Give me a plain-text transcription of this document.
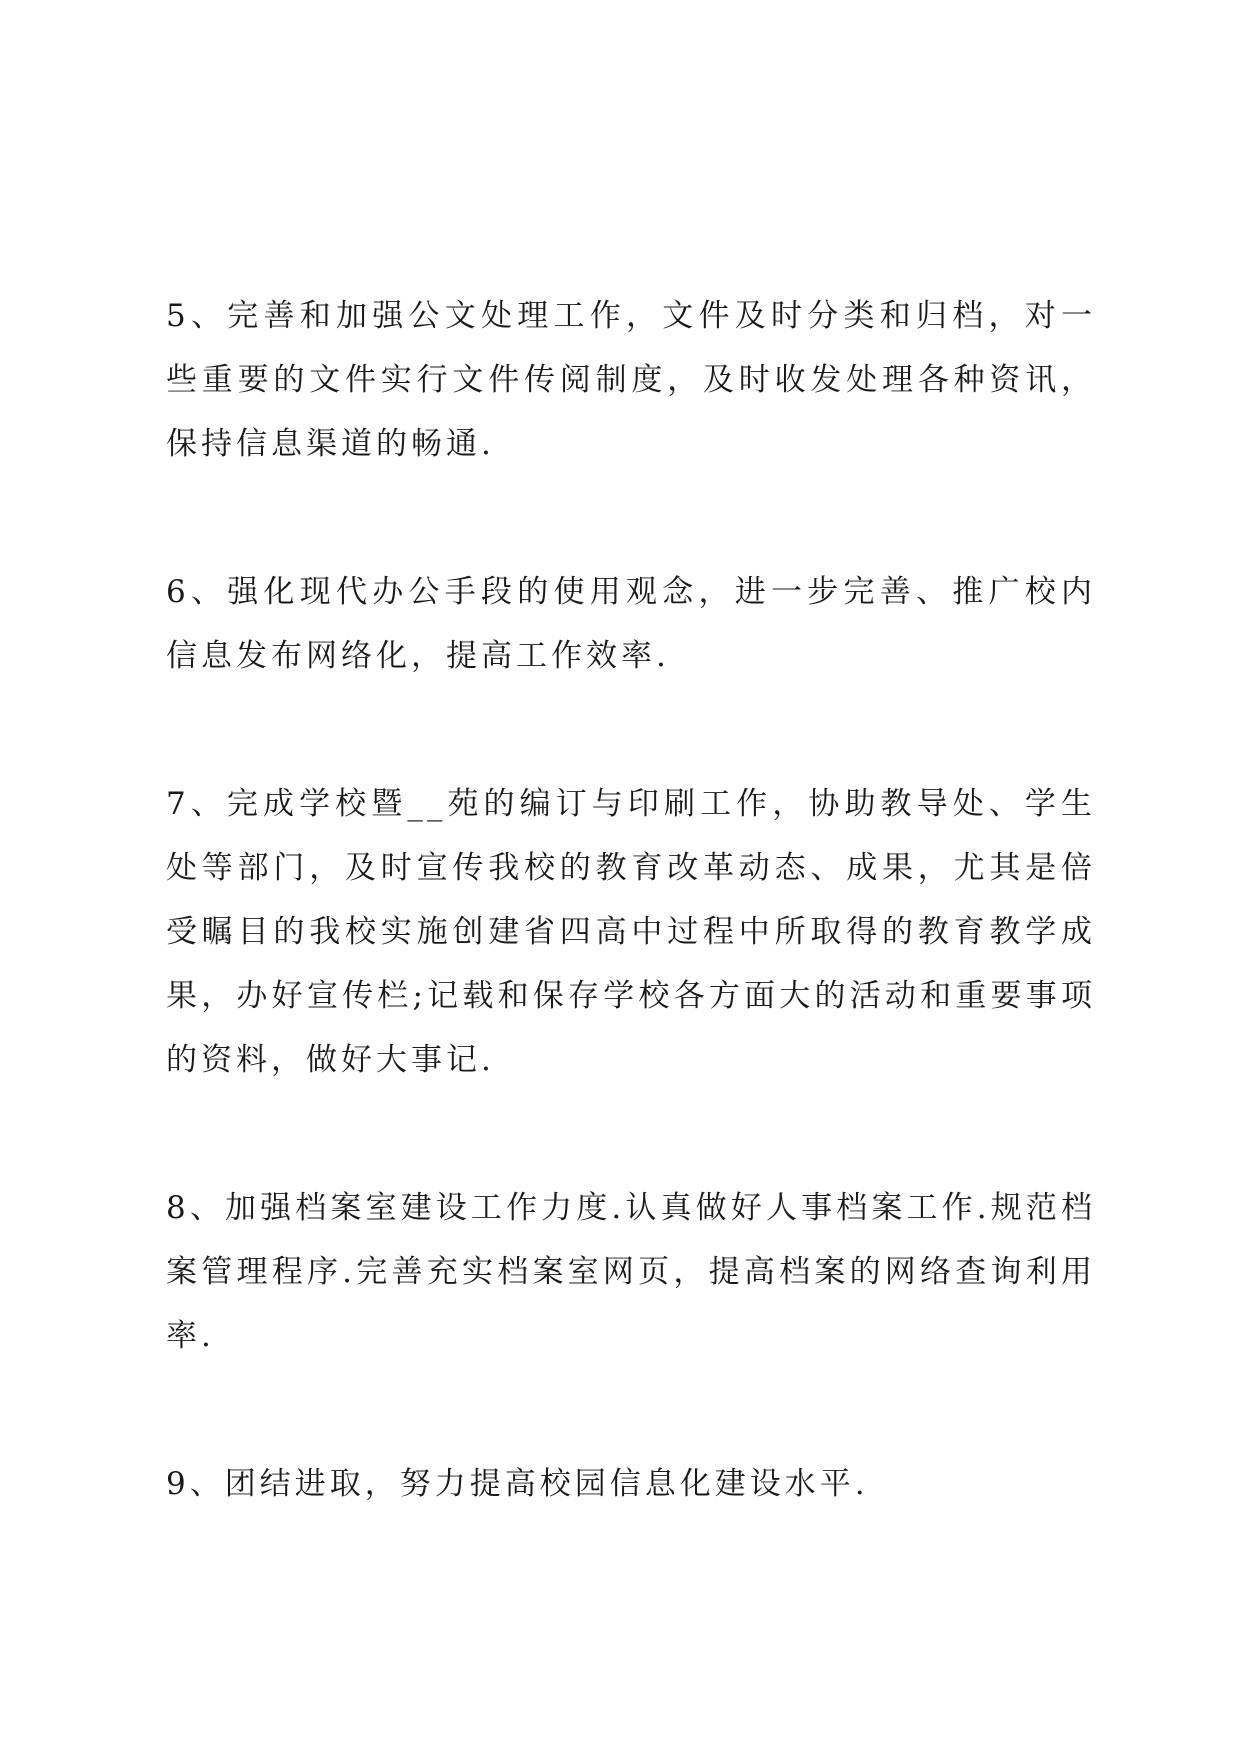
5、完善和加强公文处理工作，文件及时分类和归档，对一些重要的文件实行文件传阅制度，及时收发处理各种资讯，保持信息渠道的畅通.

6、强化现代办公手段的使用观念，进一步完善、推广校内信息发布网络化，提高工作效率.

7、完成学校暨__苑的编订与印刷工作，协助教导处、学生处等部门，及时宣传我校的教育改革动态、成果，尤其是倍受瞩目的我校实施创建省四高中过程中所取得的教育教学成果，办好宣传栏;记载和保存学校各方面大的活动和重要事项的资料，做好大事记.

8、加强档案室建设工作力度.认真做好人事档案工作.规范档案管理程序.完善充实档案室网页，提高档案的网络查询利用率.

9、团结进取，努力提高校园信息化建设水平.
